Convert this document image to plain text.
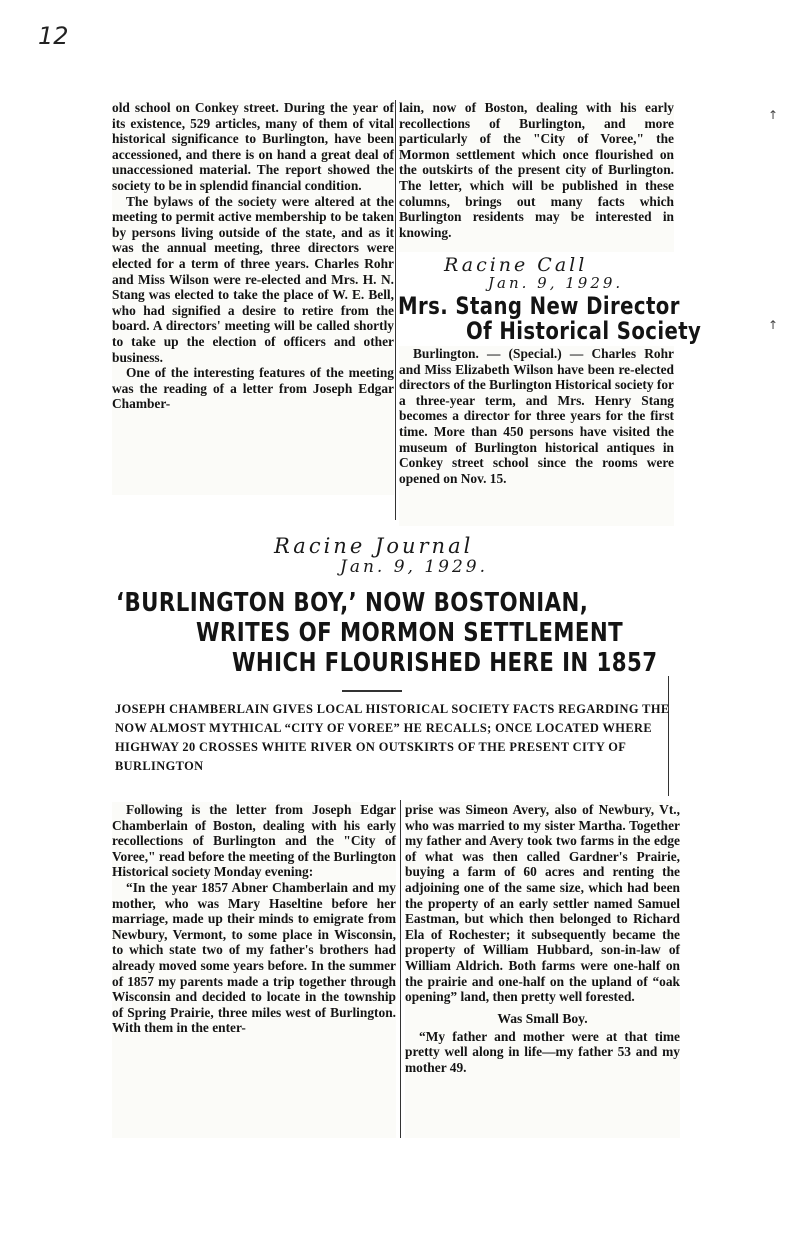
12
↑
↑

old school on Conkey street. During the year of its existence, 529 articles, many of them of vital historical significance to Burlington, have been accessioned, and there is on hand a great deal of unaccessioned material. The report showed the society to be in splendid financial condition.

The bylaws of the society were altered at the meeting to permit active membership to be taken by persons living outside of the state, and as it was the annual meeting, three directors were elected for a term of three years. Charles Rohr and Miss Wilson were re-elected and Mrs. H. N. Stang was elected to take the place of W. E. Bell, who had signified a desire to retire from the board. A directors' meeting will be called shortly to take up the election of officers and other business.

One of the interesting features of the meeting was the reading of a letter from Joseph Edgar Chamber-

lain, now of Boston, dealing with his early recollections of Burlington, and more particularly of the "City of Voree," the Mormon settlement which once flourished on the outskirts of the present city of Burlington. The letter, which will be published in these columns, brings out many facts which Burlington residents may be interested in knowing.

Racine Call
Jan. 9, 1929.
Mrs. Stang New Director
Of Historical Society

Burlington. — (Special.) — Charles Rohr and Miss Elizabeth Wilson have been re-elected directors of the Burlington Historical society for a three-year term, and Mrs. Henry Stang becomes a director for three years for the first time. More than 450 persons have visited the museum of Burlington historical antiques in Conkey street school since the rooms were opened on Nov. 15.

Racine Journal
Jan. 9, 1929.
‘BURLINGTON BOY,’ NOW BOSTONIAN,
WRITES OF MORMON SETTLEMENT
WHICH FLOURISHED HERE IN 1857
JOSEPH CHAMBERLAIN GIVES LOCAL HISTORICAL SOCIETY FACTS REGARDING THE NOW ALMOST MYTHICAL “CITY OF VOREE” HE RECALLS; ONCE LOCATED WHERE HIGHWAY 20 CROSSES WHITE RIVER ON OUTSKIRTS OF THE PRESENT CITY OF BURLINGTON

Following is the letter from Joseph Edgar Chamberlain of Boston, dealing with his early recollections of Burlington and the "City of Voree," read before the meeting of the Burlington Historical society Monday evening:

“In the year 1857 Abner Chamberlain and my mother, who was Mary Haseltine before her marriage, made up their minds to emigrate from Newbury, Vermont, to some place in Wisconsin, to which state two of my father's brothers had already moved some years before. In the summer of 1857 my parents made a trip together through Wisconsin and decided to locate in the township of Spring Prairie, three miles west of Burlington. With them in the enter-

prise was Simeon Avery, also of Newbury, Vt., who was married to my sister Martha. Together my father and Avery took two farms in the edge of what was then called Gardner's Prairie, buying a farm of 60 acres and renting the adjoining one of the same size, which had been the property of an early settler named Samuel Eastman, but which then belonged to Richard Ela of Rochester; it subsequently became the property of William Hubbard, son-in-law of William Aldrich. Both farms were one-half on the prairie and one-half on the upland of “oak opening” land, then pretty well forested.

Was Small Boy.

“My father and mother were at that time pretty well along in life—my father 53 and my mother 49.
